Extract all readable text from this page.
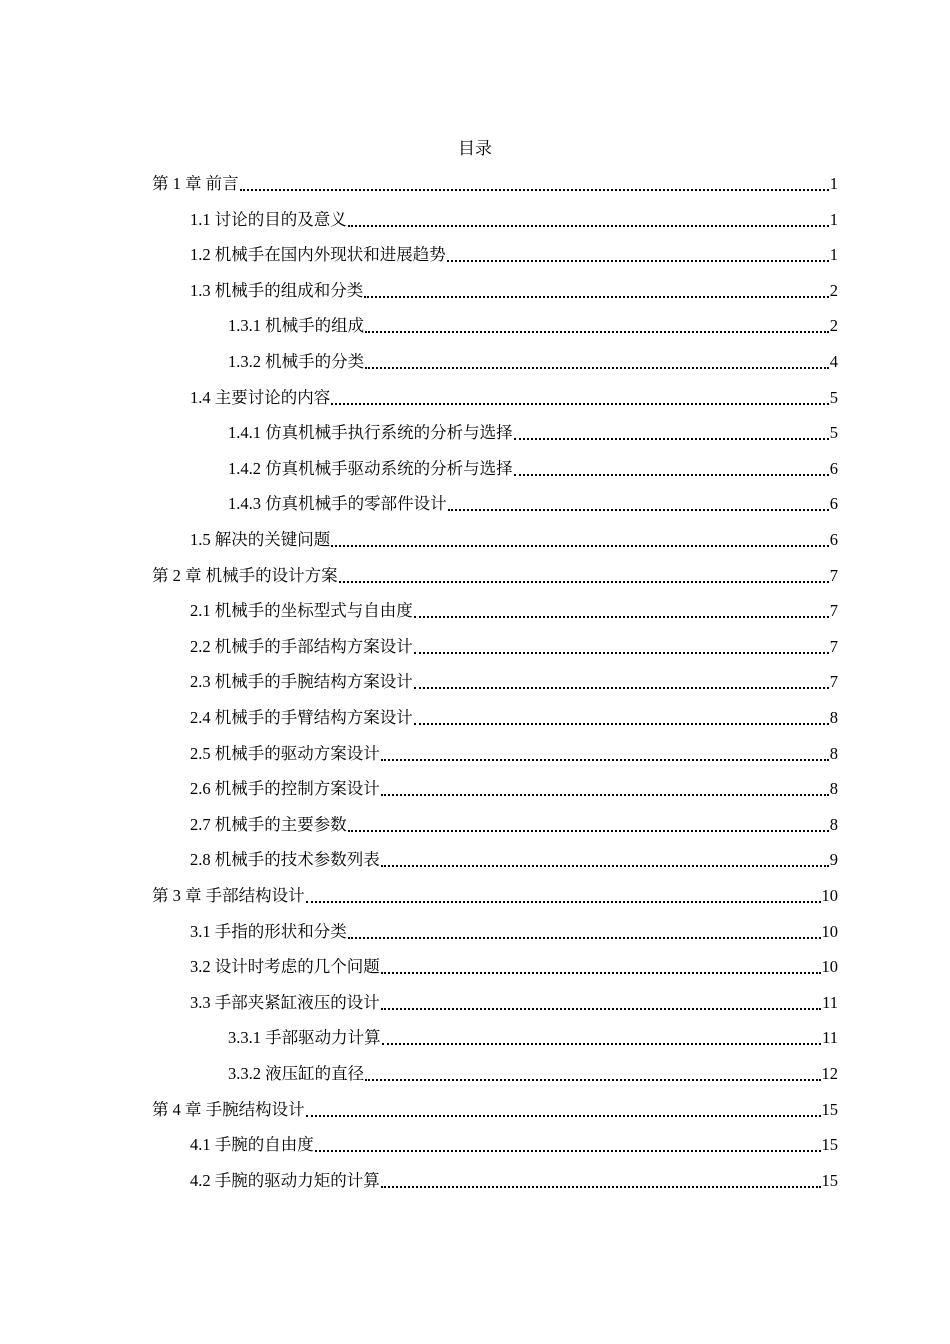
目录
第 1 章 前言	1
1.1 讨论的目的及意义	1
1.2 机械手在国内外现状和进展趋势	1
1.3 机械手的组成和分类	2
1.3.1 机械手的组成	2
1.3.2 机械手的分类	4
1.4 主要讨论的内容	5
1.4.1 仿真机械手执行系统的分析与选择	5
1.4.2 仿真机械手驱动系统的分析与选择	6
1.4.3 仿真机械手的零部件设计	6
1.5 解决的关键问题	6
第 2 章 机械手的设计方案	7
2.1 机械手的坐标型式与自由度	7
2.2 机械手的手部结构方案设计	7
2.3 机械手的手腕结构方案设计	7
2.4 机械手的手臂结构方案设计	8
2.5 机械手的驱动方案设计	8
2.6 机械手的控制方案设计	8
2.7 机械手的主要参数	8
2.8 机械手的技术参数列表	9
第 3 章 手部结构设计	10
3.1 手指的形状和分类	10
3.2 设计时考虑的几个问题	10
3.3 手部夹紧缸液压的设计	11
3.3.1 手部驱动力计算	11
3.3.2 液压缸的直径	12
第 4 章 手腕结构设计	15
4.1 手腕的自由度	15
4.2 手腕的驱动力矩的计算	15
